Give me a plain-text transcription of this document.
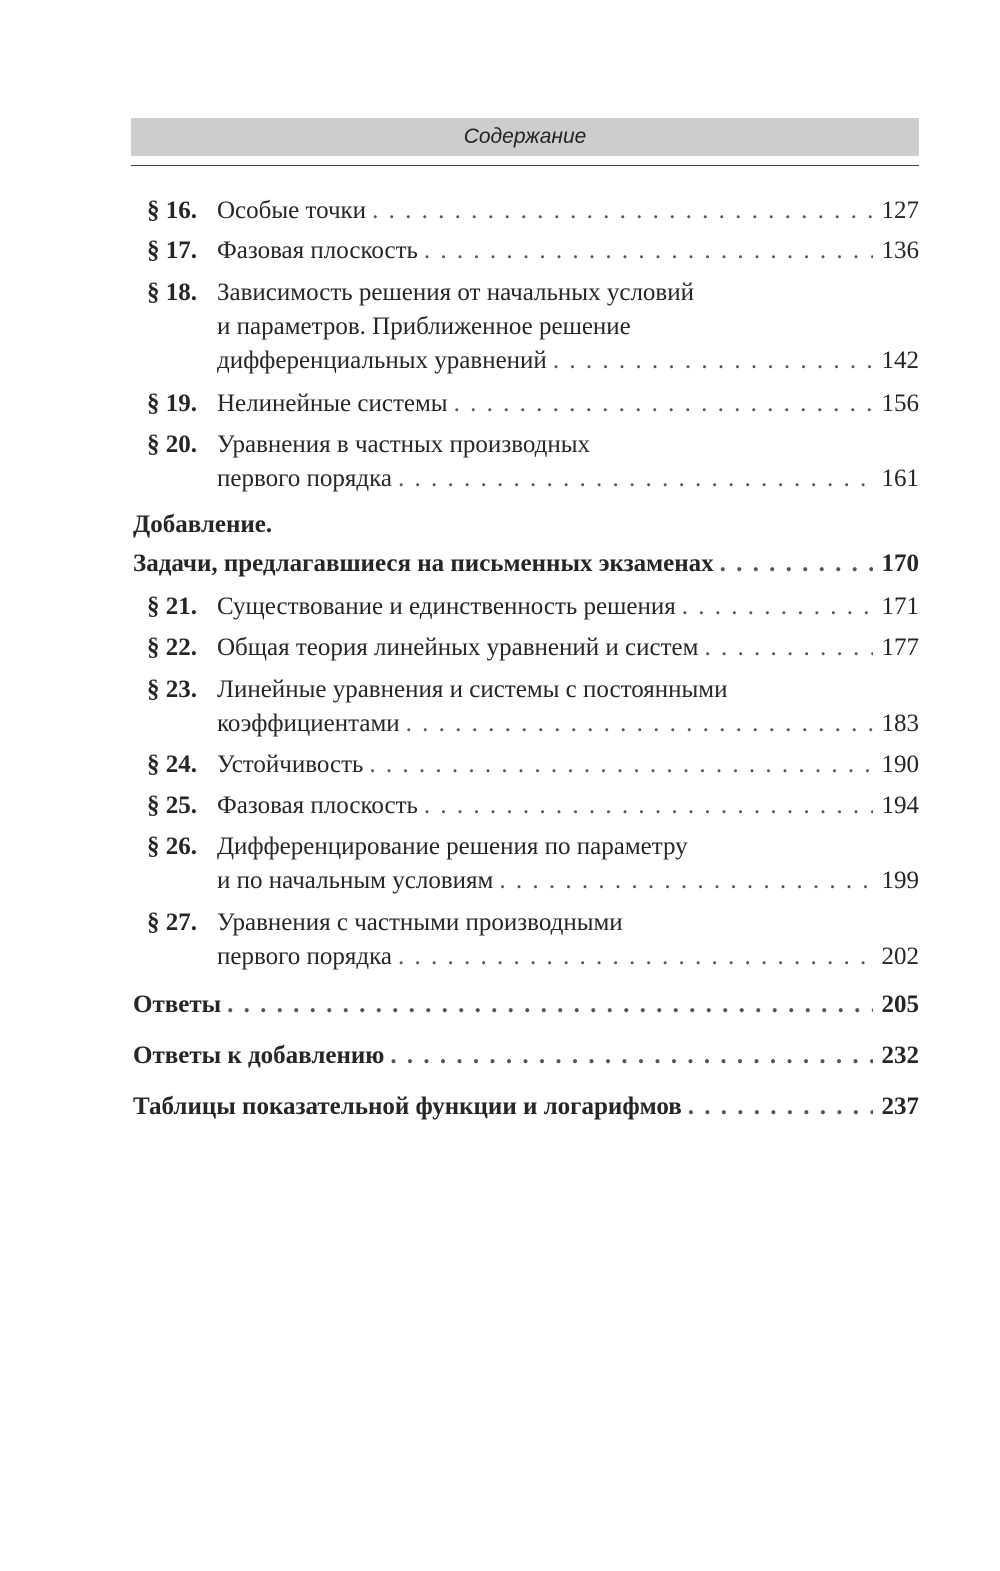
Содержание
§ 16. Особые точки . . .	127
§ 17. Фазовая плоскость . . .	136
§ 18. Зависимость решения от начальных условий
и параметров. Приближенное решение
дифференциальных уравнений . . .	142
§ 19. Нелинейные системы . . .	156
§ 20. Уравнения в частных производных
первого порядка . . .	161
Добавление.
Задачи, предлагавшиеся на письменных экзаменах . . .	170
§ 21. Существование и единственность решения . . .	171
§ 22. Общая теория линейных уравнений и систем . . .	177
§ 23. Линейные уравнения и системы с постоянными
коэффициентами . . .	183
§ 24. Устойчивость . . .	190
§ 25. Фазовая плоскость . . .	194
§ 26. Дифференцирование решения по параметру
и по начальным условиям . . .	199
§ 27. Уравнения с частными производными
первого порядка . . .	202
Ответы . . .	205
Ответы к добавлению . . .	232
Таблицы показательной функции и логарифмов . . .	237
